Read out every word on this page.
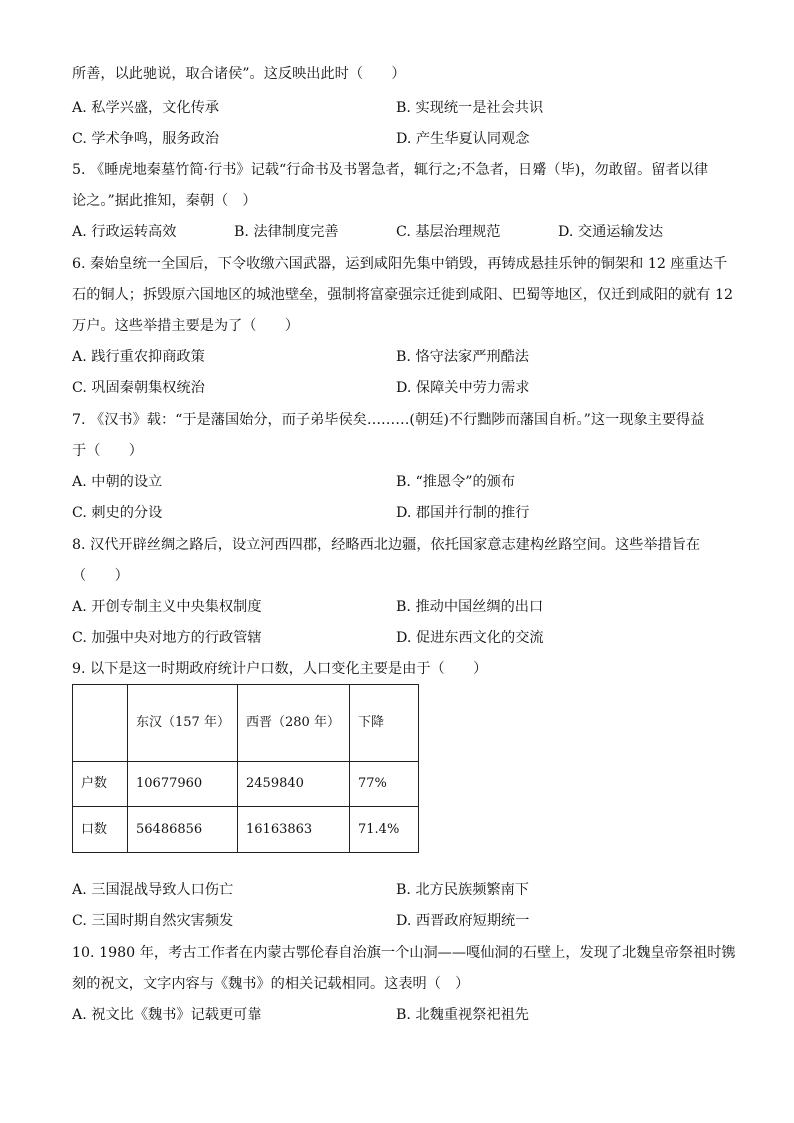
所善，以此驰说，取合诸侯”。这反映出此时（　　）
A. 私学兴盛，文化传承	B. 实现统一是社会共识
C. 学术争鸣，服务政治	D. 产生华夏认同观念
5. 《睡虎地秦墓竹简·行书》记载“行命书及书署急者，辄行之;不急者，日觱（毕)，勿敢留。留者以律
论之。”据此推知，秦朝（　）
A. 行政运转高效	B. 法律制度完善	C. 基层治理规范	D. 交通运输发达
6. 秦始皇统一全国后，下令收缴六国武器，运到咸阳先集中销毁，再铸成悬挂乐钟的铜架和 12 座重达千
石的铜人；拆毁原六国地区的城池壁垒，强制将富豪强宗迁徙到咸阳、巴蜀等地区，仅迁到咸阳的就有 12
万户。这些举措主要是为了（　　）
A. 践行重农抑商政策	B. 恪守法家严刑酷法
C. 巩固秦朝集权统治	D. 保障关中劳力需求
7. 《汉书》载：“于是藩国始分，而子弟毕侯矣………(朝廷)不行黜陟而藩国自析。”这一现象主要得益
于（　　）
A. 中朝的设立	B. “推恩令”的颁布
C. 刺史的分设	D. 郡国并行制的推行
8. 汉代开辟丝绸之路后，设立河西四郡，经略西北边疆，依托国家意志建构丝路空间。这些举措旨在
（　　）
A. 开创专制主义中央集权制度	B. 推动中国丝绸的出口
C. 加强中央对地方的行政管辖	D. 促进东西文化的交流
9. 以下是这一时期政府统计户口数，人口变化主要是由于（　　）
	东汉（157 年）	西晋（280 年）	下降
户数	10677960	2459840	77%
口数	56486856	16163863	71.4%
A. 三国混战导致人口伤亡	B. 北方民族频繁南下
C. 三国时期自然灾害频发	D. 西晋政府短期统一
10. 1980 年，考古工作者在内蒙古鄂伦春自治旗一个山洞——嘎仙洞的石壁上，发现了北魏皇帝祭祖时镌
刻的祝文，文字内容与《魏书》的相关记载相同。这表明（　）
A. 祝文比《魏书》记载更可靠	B. 北魏重视祭祀祖先
